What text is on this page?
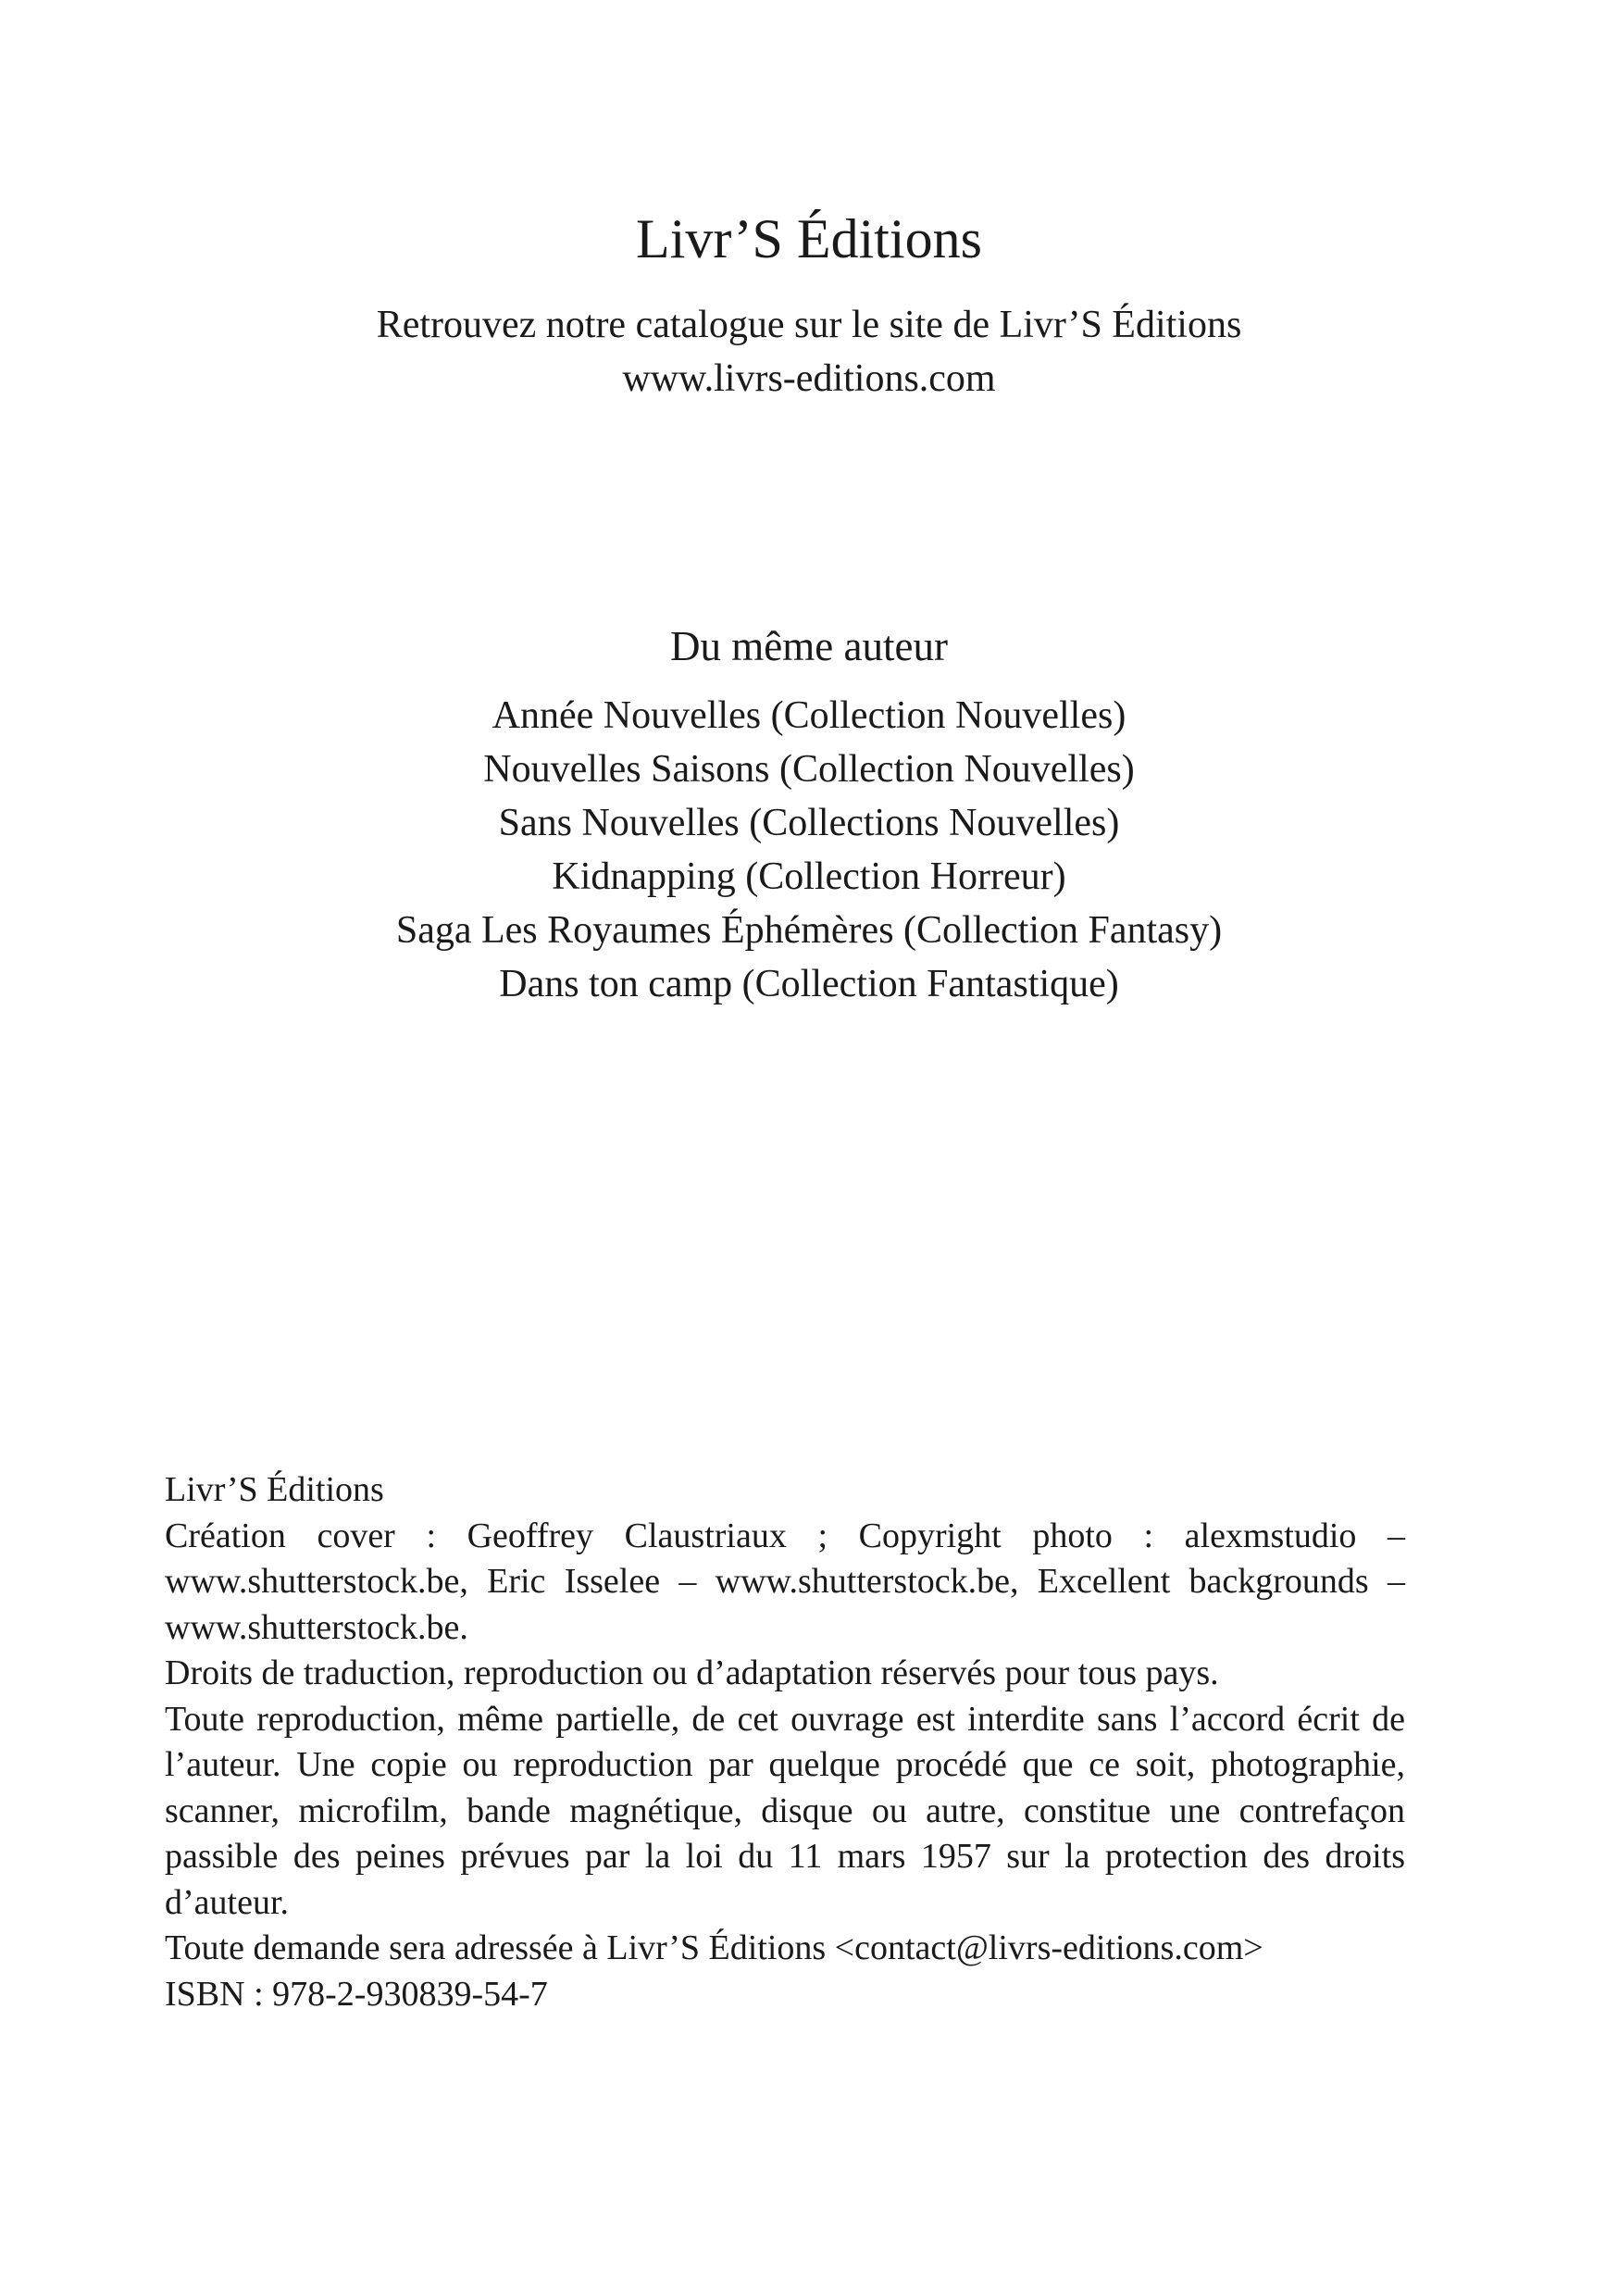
Livr’S Éditions

Retrouvez notre catalogue sur le site de Livr’S Éditions

www.livrs-editions.com

Du même auteur
Année Nouvelles (Collection Nouvelles)
Nouvelles Saisons (Collection Nouvelles)
Sans Nouvelles (Collections Nouvelles)
Kidnapping (Collection Horreur)
Saga Les Royaumes Éphémères (Collection Fantasy)
Dans ton camp (Collection Fantastique)

Livr’S Éditions

Création cover : Geoffrey Claustriaux ; Copyright photo : alexmstudio – www.shutterstock.be, Eric Isselee – www.shutterstock.be, Excellent backgrounds – www.shutterstock.be.

Droits de traduction, reproduction ou d’adaptation réservés pour tous pays.

Toute reproduction, même partielle, de cet ouvrage est interdite sans l’accord écrit de l’auteur. Une copie ou reproduction par quelque procédé que ce soit, photographie, scanner, microfilm, bande magnétique, disque ou autre, constitue une contrefaçon passible des peines prévues par la loi du 11 mars 1957 sur la protection des droits d’auteur.

Toute demande sera adressée à Livr’S Éditions <contact@livrs-editions.com>

ISBN : 978-2-930839-54-7
